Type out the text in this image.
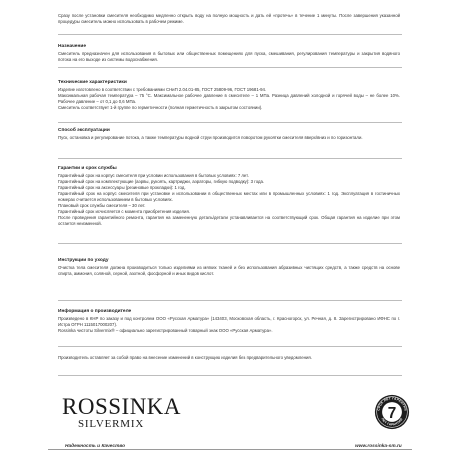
Сразу после установки смесителя необходимо медленно открыть воду на полную мощность и дать ей «протечь» в течение 1 минуты. После завершения указанной процедуры смеситель можно использовать в рабочем режиме.

Назначение

Смеситель предназначен для использования в бытовых или общественных помещениях для пуска, смешивания, регулирования температуры и закрытия водяного потока на его выходе из системы водоснабжения.

Технические характеристики

Изделие изготовлено в соответствии с требованиями СНиП 2.04.01-85, ГОСТ 25809-96, ГОСТ 19681-94.

Максимальная рабочая температура – 75 °С. Максимальное рабочее давление в смесителе – 1 МПа. Разница давлений холодной и горячей воды – не более 10%. Рабочее давление – от 0,1 до 0,6 МПа.

Смеситель соответствует 1-й группе по герметичности (полная герметичность в закрытом состоянии).

Способ эксплуатации

Пуск, остановка и регулирование потока, а также температуры водной струи производится поворотом рукоятки смесителя вверх/вниз и по горизонтали.

Гарантии и срок службы

Гарантийный срок на корпус смесителя при условии использования в бытовых условиях: 7 лет.

Гарантийный срок на комплектующие (аэрвы, рукоять, картриджи, аэраторы, гибкую подводку): 3 года.

Гарантийный срок на аксессуары (резиновые прокладки): 1 год.

Гарантийный срок на корпус смесителя при установке и использовании в общественных местах или в промышленных условиях: 1 год. Эксплуатация в гостиничных номерах считается использованием в бытовых условиях.

Плановый срок службы смесителя – 30 лет.

Гарантийный срок исчисляется с момента приобретения изделия.

После проведения гарантийного ремонта, гарантия на замененную деталь/детали устанавливается на соответствующий срок. Общая гарантия на изделие при этом остается неизменной.

Инструкции по уходу

Очистка тела смесителя должна производиться только изделиями из мягких тканей и без использования абразивных чистящих средств, а также средств на основе спирта, аммония, соляной, серной, азотной, фосфорной и иных видов кислот.

Информация о производителе

Произведено в КНР по заказу и под контролем ООО «Русская Арматура» (143403, Московская область, г. Красногорск, ул. Речная, д. 8. Зарегистрировано ИФНС по г. Истра ОГРН 1115017000207).

Rossinka чистоты Silvermix® – официально зарегистрированный товарный знак ООО «Русская Арматура».

Производитель оставляет за собой право на внесение изменений в конструкцию изделия без предварительного уведомления.

ROSSINKA
SILVERMIX
Надежность и Качество	www.rossinka-sm.ru
СРОК ЛЕТ ГАРАНТИИ
ЛЕТ ГАРАНТИИ
7
